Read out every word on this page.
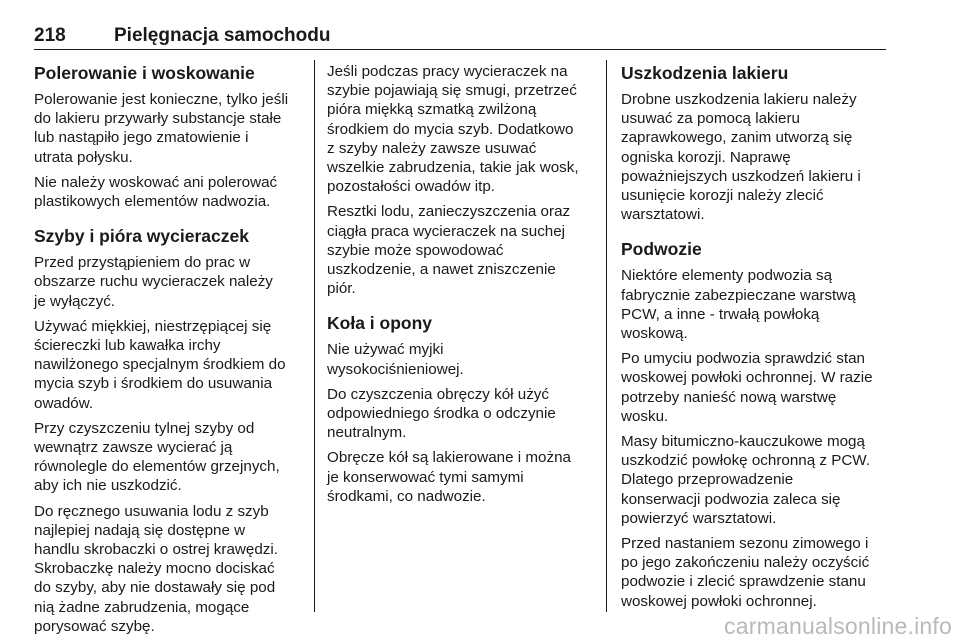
218	Pielęgnacja samochodu
Polerowanie i woskowanie

Polerowanie jest konieczne, tylko jeśli
do lakieru przywarły substancje stałe
lub nastąpiło jego zmatowienie i
utrata połysku.

Nie należy woskować ani polerować
plastikowych elementów nadwozia.

Szyby i pióra wycieraczek

Przed przystąpieniem do prac w
obszarze ruchu wycieraczek należy
je wyłączyć.

Używać miękkiej, niestrzępiącej się
ściereczki lub kawałka irchy
nawilżonego specjalnym środkiem do
mycia szyb i środkiem do usuwania
owadów.

Przy czyszczeniu tylnej szyby od
wewnątrz zawsze wycierać ją
równolegle do elementów grzejnych,
aby ich nie uszkodzić.

Do ręcznego usuwania lodu z szyb
najlepiej nadają się dostępne w
handlu skrobaczki o ostrej krawędzi.
Skrobaczkę należy mocno dociskać
do szyby, aby nie dostawały się pod
nią żadne zabrudzenia, mogące
porysować szybę.

Jeśli podczas pracy wycieraczek na
szybie pojawiają się smugi, przetrzeć
pióra miękką szmatką zwilżoną
środkiem do mycia szyb. Dodatkowo
z szyby należy zawsze usuwać
wszelkie zabrudzenia, takie jak wosk,
pozostałości owadów itp.

Resztki lodu, zanieczyszczenia oraz
ciągła praca wycieraczek na suchej
szybie może spowodować
uszkodzenie, a nawet zniszczenie
piór.

Koła i opony

Nie używać myjki
wysokociśnieniowej.

Do czyszczenia obręczy kół użyć
odpowiedniego środka o odczynie
neutralnym.

Obręcze kół są lakierowane i można
je konserwować tymi samymi
środkami, co nadwozie.

Uszkodzenia lakieru

Drobne uszkodzenia lakieru należy
usuwać za pomocą lakieru
zaprawkowego, zanim utworzą się
ogniska korozji. Naprawę
poważniejszych uszkodzeń lakieru i
usunięcie korozji należy zlecić
warsztatowi.

Podwozie

Niektóre elementy podwozia są
fabrycznie zabezpieczane warstwą
PCW, a inne - trwałą powłoką
woskową.

Po umyciu podwozia sprawdzić stan
woskowej powłoki ochronnej. W razie
potrzeby nanieść nową warstwę
wosku.

Masy bitumiczno-kauczukowe mogą
uszkodzić powłokę ochronną z PCW.
Dlatego przeprowadzenie
konserwacji podwozia zaleca się
powierzyć warsztatowi.

Przed nastaniem sezonu zimowego i
po jego zakończeniu należy oczyścić
podwozie i zlecić sprawdzenie stanu
woskowej powłoki ochronnej.

carmanualsonline.info
